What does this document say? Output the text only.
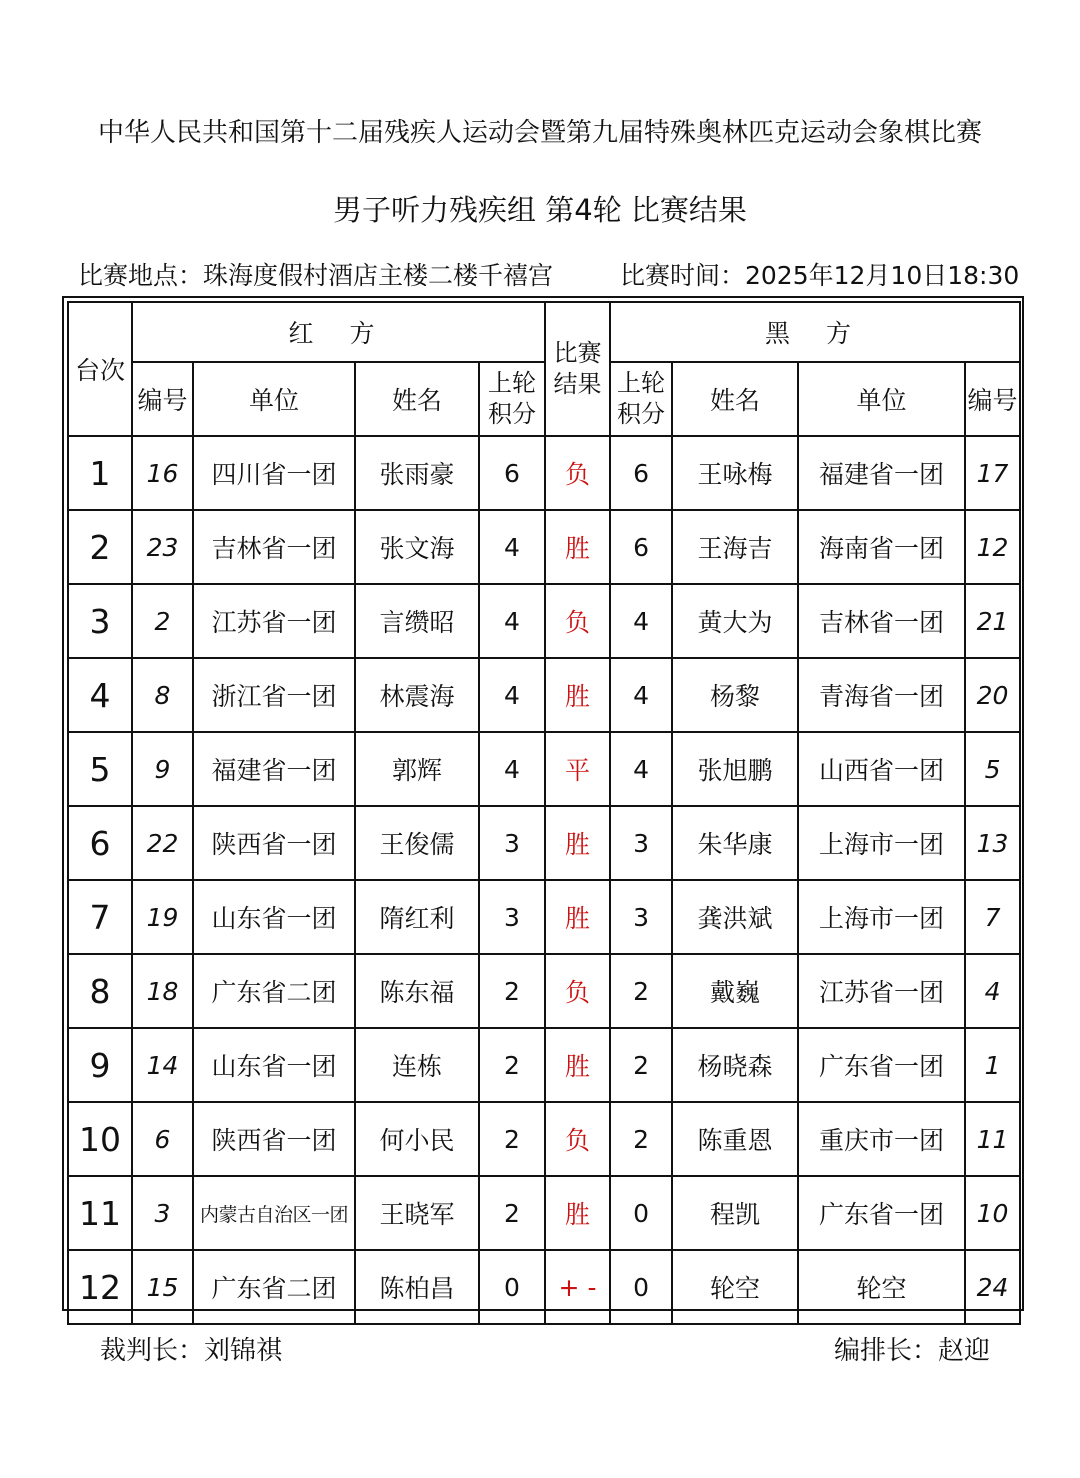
中华人民共和国第十二届残疾人运动会暨第九届特殊奥林匹克运动会象棋比赛
男子听力残疾组 第4轮 比赛结果
比赛地点：珠海度假村酒店主楼二楼千禧宫	比赛时间：2025年12月10日18:30
台次	红 方				比赛结果	黑 方			
	编号	单位	姓名	上轮积分		上轮积分	姓名	单位	编号
1	16	四川省一团	张雨豪	6	负	6	王咏梅	福建省一团	17
2	23	吉林省一团	张文海	4	胜	6	王海吉	海南省一团	12
3	2	江苏省一团	言缵昭	4	负	4	黄大为	吉林省一团	21
4	8	浙江省一团	林震海	4	胜	4	杨黎	青海省一团	20
5	9	福建省一团	郭辉	4	平	4	张旭鹏	山西省一团	5
6	22	陕西省一团	王俊儒	3	胜	3	朱华康	上海市一团	13
7	19	山东省一团	隋红利	3	胜	3	龚洪斌	上海市一团	7
8	18	广东省二团	陈东福	2	负	2	戴巍	江苏省一团	4
9	14	山东省一团	连栋	2	胜	2	杨晓森	广东省一团	1
10	6	陕西省一团	何小民	2	负	2	陈重恩	重庆市一团	11
11	3	内蒙古自治区一团	王晓军	2	胜	0	程凯	广东省一团	10
12	15	广东省二团	陈柏昌	0	+ -	0	轮空	轮空	24
裁判长：刘锦祺	编排长：赵迎
